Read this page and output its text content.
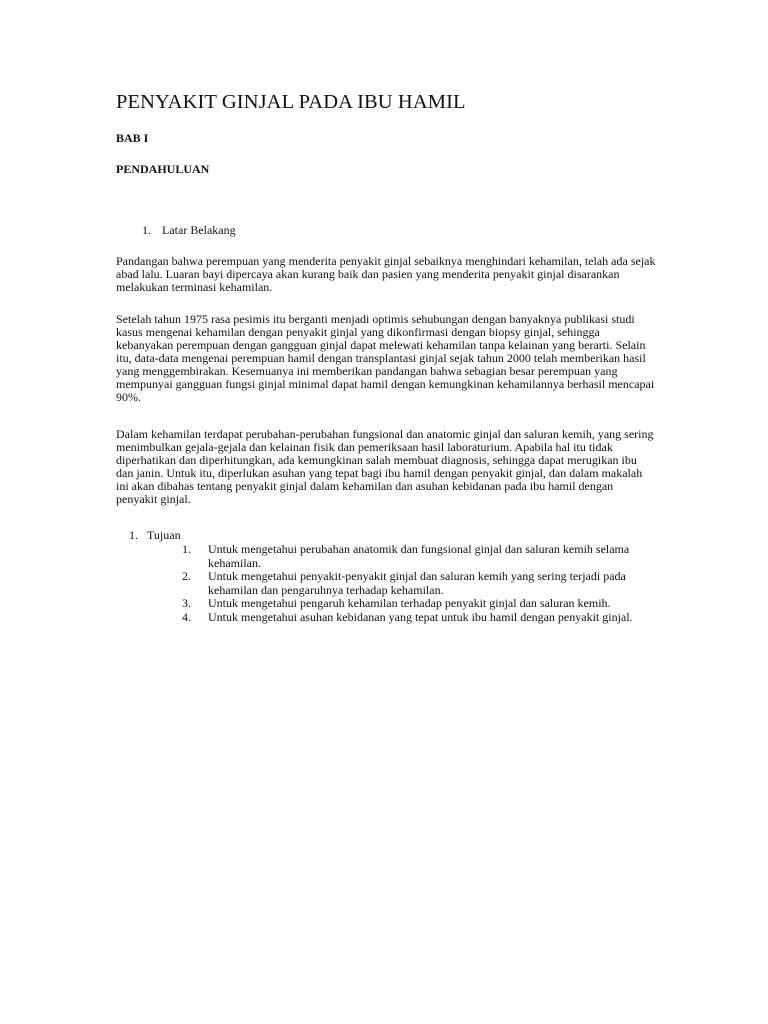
PENYAKIT GINJAL PADA IBU HAMIL
BAB I
PENDAHULUAN
1. Latar Belakang

Pandangan bahwa perempuan yang menderita penyakit ginjal sebaiknya menghindari kehamilan, telah ada sejak abad lalu. Luaran bayi dipercaya akan kurang baik dan pasien yang menderita penyakit ginjal disarankan melakukan terminasi kehamilan.

Setelah tahun 1975 rasa pesimis itu berganti menjadi optimis sehubungan dengan banyaknya publikasi studi kasus mengenai kehamilan dengan penyakit ginjal yang dikonfirmasi dengan biopsy ginjal, sehingga kebanyakan perempuan dengan gangguan ginjal dapat melewati kehamilan tanpa kelainan yang berarti. Selain itu, data-data mengenai perempuan hamil dengan transplantasi ginjal sejak tahun 2000 telah memberikan hasil yang menggembirakan. Kesemuanya ini memberikan pandangan bahwa sebagian besar perempuan yang mempunyai gangguan fungsi ginjal minimal dapat hamil dengan kemungkinan kehamilannya berhasil mencapai 90%.

Dalam kehamilan terdapat perubahan-perubahan fungsional dan anatomic ginjal dan saluran kemih, yang sering menimbulkan gejala-gejala dan kelainan fisik dan pemeriksaan hasil laboraturium. Apabila hal itu tidak diperhatikan dan diperhitungkan, ada kemungkinan salah membuat diagnosis, sehingga dapat merugikan ibu dan janin. Untuk itu, diperlukan asuhan yang tepat bagi ibu hamil dengan penyakit ginjal, dan dalam makalah ini akan dibahas tentang penyakit ginjal dalam kehamilan dan asuhan kebidanan pada ibu hamil dengan penyakit ginjal.

1. Tujuan
1.	Untuk mengetahui perubahan anatomik dan fungsional ginjal dan saluran kemih selama kehamilan.
2.	Untuk mengetahui penyakit-penyakit ginjal dan saluran kemih yang sering terjadi pada kehamilan dan pengaruhnya terhadap kehamilan.
3.	Untuk mengetahui pengaruh kehamilan terhadap penyakit ginjal dan saluran kemih.
4.	Untuk mengetahui asuhan kebidanan yang tepat untuk ibu hamil dengan penyakit ginjal.
